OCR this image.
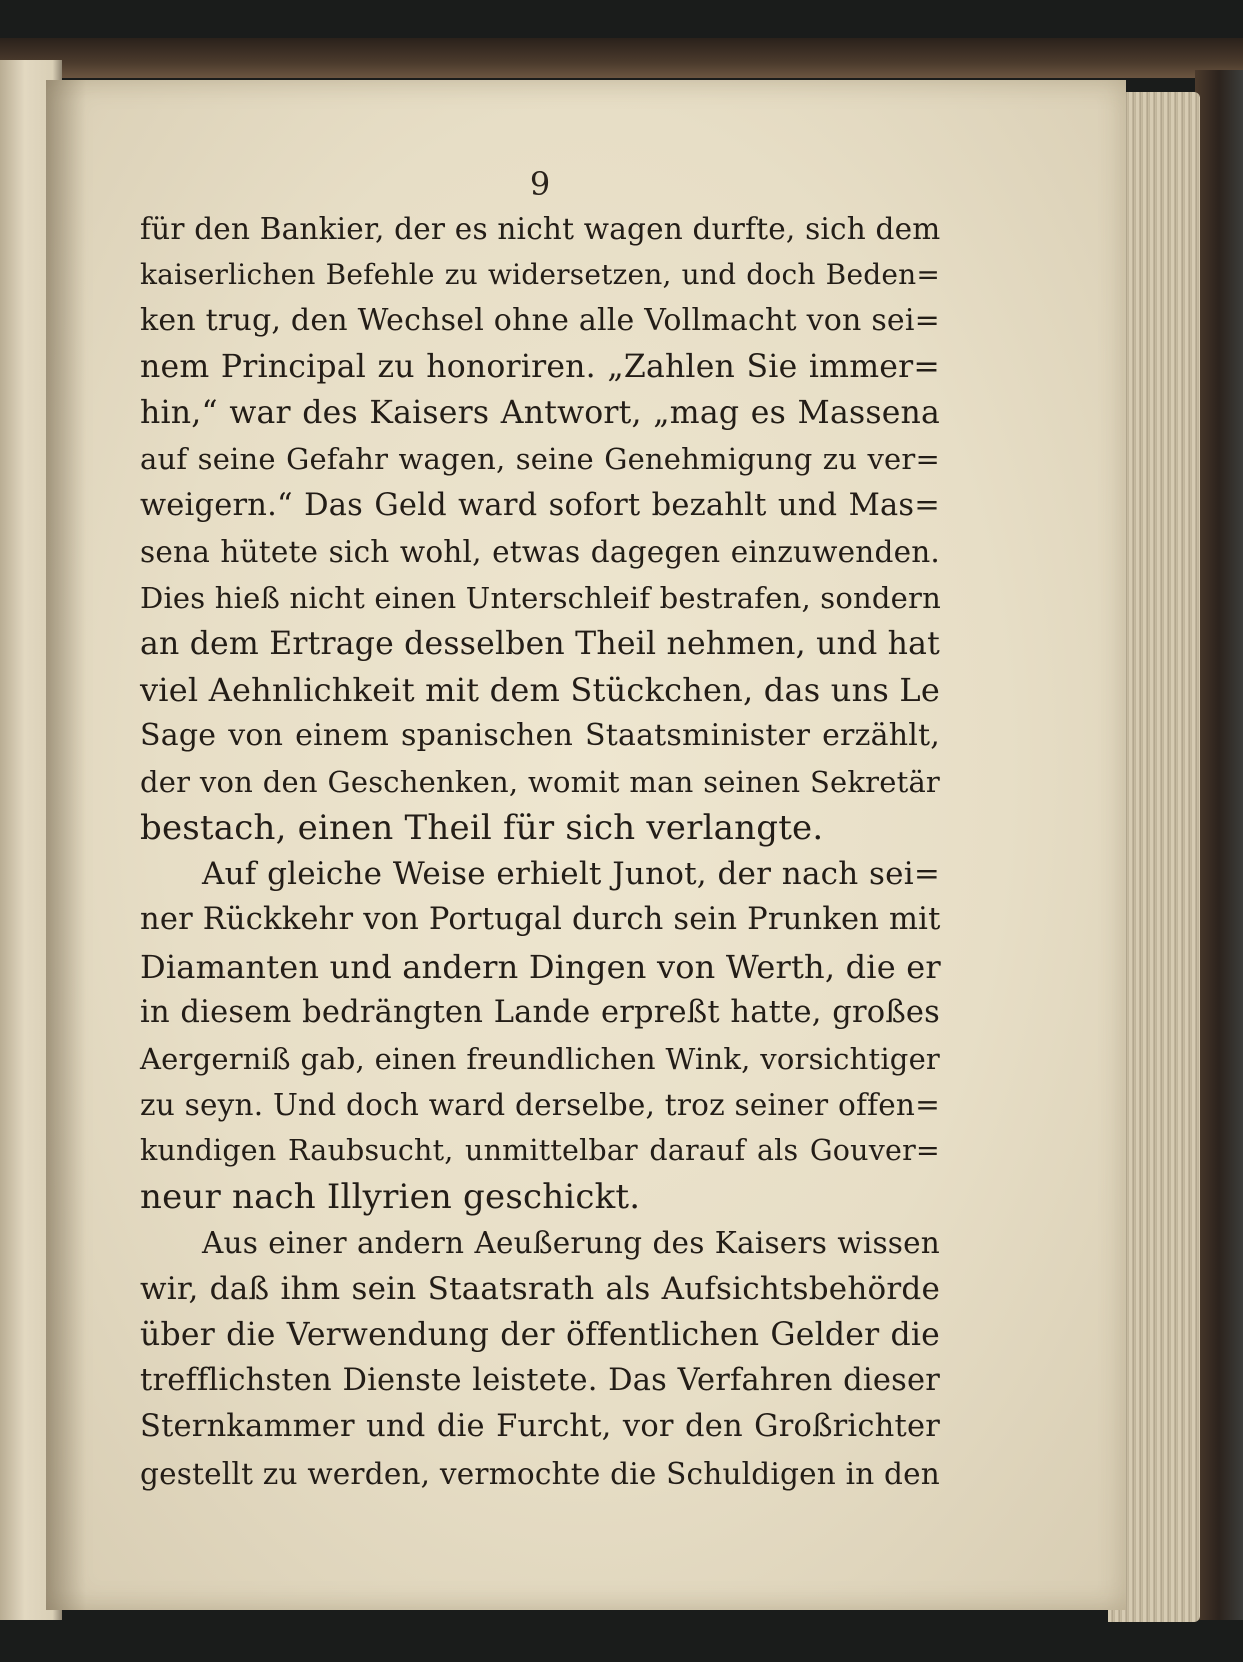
9
für den Bankier, der es nicht wagen durfte, sich dem
kaiserlichen Befehle zu widersetzen, und doch Beden=
ken trug, den Wechsel ohne alle Vollmacht von sei=
nem Principal zu honoriren. „Zahlen Sie immer=
hin,“ war des Kaisers Antwort, „mag es Massena
auf seine Gefahr wagen, seine Genehmigung zu ver=
weigern.“ Das Geld ward sofort bezahlt und Mas=
sena hütete sich wohl, etwas dagegen einzuwenden.
Dies hieß nicht einen Unterschleif bestrafen, sondern
an dem Ertrage desselben Theil nehmen, und hat
viel Aehnlichkeit mit dem Stückchen, das uns Le
Sage von einem spanischen Staatsminister erzählt,
der von den Geschenken, womit man seinen Sekretär
bestach, einen Theil für sich verlangte.
Auf gleiche Weise erhielt Junot, der nach sei=
ner Rückkehr von Portugal durch sein Prunken mit
Diamanten und andern Dingen von Werth, die er
in diesem bedrängten Lande erpreßt hatte, großes
Aergerniß gab, einen freundlichen Wink, vorsichtiger
zu seyn. Und doch ward derselbe, troz seiner offen=
kundigen Raubsucht, unmittelbar darauf als Gouver=
neur nach Illyrien geschickt.
Aus einer andern Aeußerung des Kaisers wissen
wir, daß ihm sein Staatsrath als Aufsichtsbehörde
über die Verwendung der öffentlichen Gelder die
trefflichsten Dienste leistete. Das Verfahren dieser
Sternkammer und die Furcht, vor den Großrichter
gestellt zu werden, vermochte die Schuldigen in den
